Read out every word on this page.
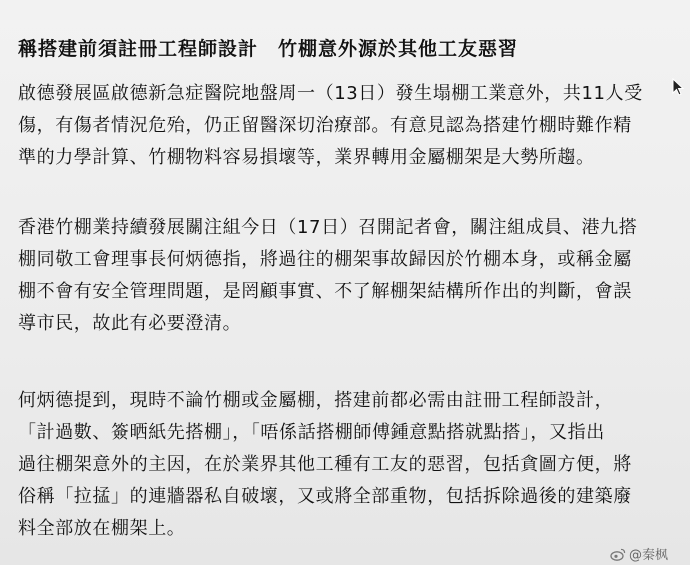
稱搭建前須註冊工程師設計　竹棚意外源於其他工友惡習

啟德發展區啟德新急症醫院地盤周一（13日）發生塌棚工業意外，共11人受
傷，有傷者情況危殆，仍正留醫深切治療部。有意見認為搭建竹棚時難作精
準的力學計算、竹棚物料容易損壞等，業界轉用金屬棚架是大勢所趨。

香港竹棚業持續發展關注組今日（17日）召開記者會，關注組成員、港九搭
棚同敬工會理事長何炳德指，將過往的棚架事故歸因於竹棚本身，或稱金屬
棚不會有安全管理問題，是罔顧事實、不了解棚架結構所作出的判斷，會誤
導市民，故此有必要澄清。

何炳德提到，現時不論竹棚或金屬棚，搭建前都必需由註冊工程師設計，
「計過數、簽晒紙先搭棚」，「唔係話搭棚師傅鍾意點搭就點搭」，又指出
過往棚架意外的主因，在於業界其他工種有工友的惡習，包括貪圖方便，將
俗稱「拉掹」的連牆器私自破壞，又或將全部重物，包括拆除過後的建築廢
料全部放在棚架上。

@秦枫
